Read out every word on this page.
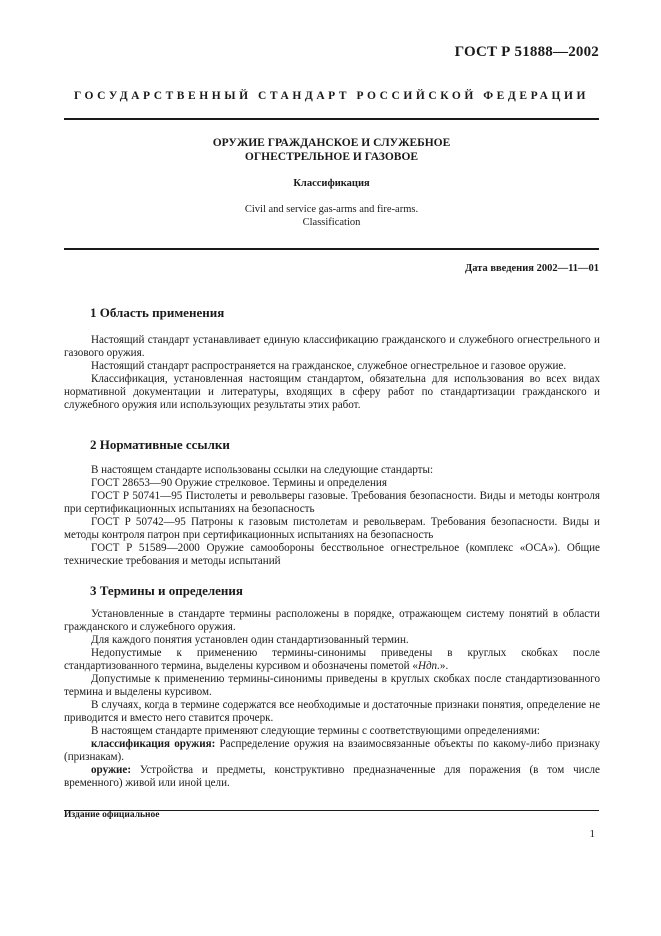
ГОСТ Р 51888—2002
ГОСУДАРСТВЕННЫЙ СТАНДАРТ РОССИЙСКОЙ ФЕДЕРАЦИИ
ОРУЖИЕ ГРАЖДАНСКОЕ И СЛУЖЕБНОЕ
ОГНЕСТРЕЛЬНОЕ И ГАЗОВОЕ
Классификация
Civil and service gas-arms and fire-arms.
Classification
Дата введения 2002—11—01
1 Область применения

Настоящий стандарт устанавливает единую классификацию гражданского и служебного огнестрельного и газового оружия.

Настоящий стандарт распространяется на гражданское, служебное огнестрельное и газовое оружие.

Классификация, установленная настоящим стандартом, обязательна для использования во всех видах нормативной документации и литературы, входящих в сферу работ по стандартизации гражданского и служебного оружия или использующих результаты этих работ.

2 Нормативные ссылки

В настоящем стандарте использованы ссылки на следующие стандарты:

ГОСТ 28653—90 Оружие стрелковое. Термины и определения

ГОСТ Р 50741—95 Пистолеты и револьверы газовые. Требования безопасности. Виды и методы контроля при сертификационных испытаниях на безопасность

ГОСТ Р 50742—95 Патроны к газовым пистолетам и револьверам. Требования безопасности. Виды и методы контроля патрон при сертификационных испытаниях на безопасность

ГОСТ Р 51589—2000 Оружие самообороны бесствольное огнестрельное (комплекс «ОСА»). Общие технические требования и методы испытаний

3 Термины и определения

Установленные в стандарте термины расположены в порядке, отражающем систему понятий в области гражданского и служебного оружия.

Для каждого понятия установлен один стандартизованный термин.

Недопустимые к применению термины-синонимы приведены в круглых скобках после стандартизованного термина, выделены курсивом и обозначены пометой «Ндп.».

Допустимые к применению термины-синонимы приведены в круглых скобках после стандартизованного термина и выделены курсивом.

В случаях, когда в термине содержатся все необходимые и достаточные признаки понятия, определение не приводится и вместо него ставится прочерк.

В настоящем стандарте применяют следующие термины с соответствующими определениями:

классификация оружия: Распределение оружия на взаимосвязанные объекты по какому-либо признаку (признакам).

оружие: Устройства и предметы, конструктивно предназначенные для поражения (в том числе временного) живой или иной цели.

Издание официальное
1
